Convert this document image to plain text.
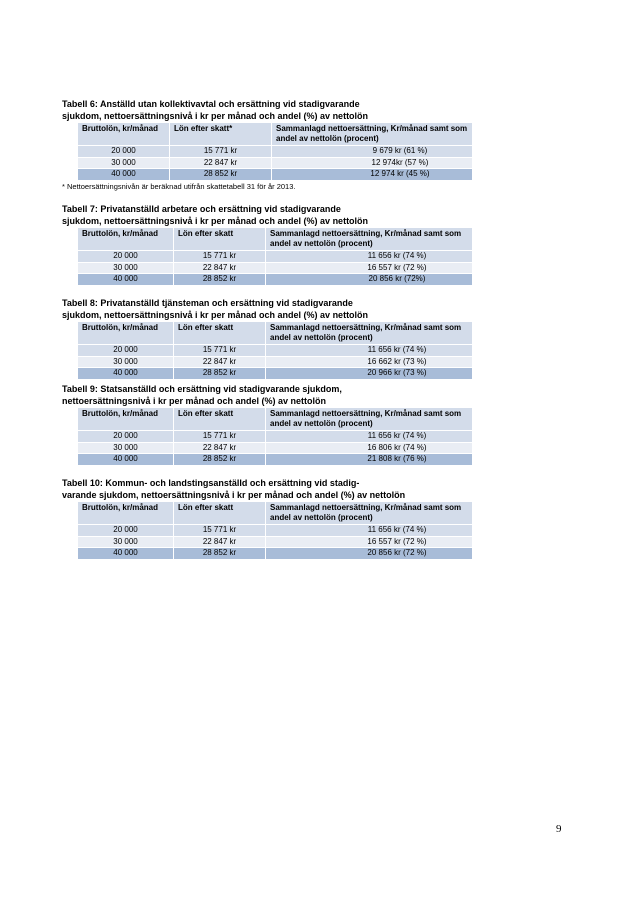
Tabell 6: Anställd utan kollektivavtal och ersättning vid stadigvarande
sjukdom, nettoersättningsnivå i kr per månad och andel (%) av nettolön
Bruttolön, kr/månad	Lön efter skatt*	Sammanlagd nettoersättning, Kr/månad samt som andel av nettolön (procent)
20 000	15 771 kr	9 679 kr (61 %)
30 000	22 847 kr	12 974kr (57 %)
40 000	28 852 kr	12 974 kr (45 %)
* Nettoersättningsnivån är beräknad utifrån skattetabell 31 för år 2013.
Tabell 7: Privatanställd arbetare och ersättning vid stadigvarande
sjukdom, nettoersättningsnivå i kr per månad och andel (%) av nettolön
Bruttolön, kr/månad	Lön efter skatt	Sammanlagd nettoersättning, Kr/månad samt som andel av nettolön (procent)
20 000	15 771 kr	11 656 kr (74 %)
30 000	22 847 kr	16 557 kr (72 %)
40 000	28 852 kr	20 856 kr (72%)
Tabell 8: Privatanställd tjänsteman och ersättning vid stadigvarande
sjukdom, nettoersättningsnivå i kr per månad och andel (%) av nettolön
Bruttolön, kr/månad	Lön efter skatt	Sammanlagd nettoersättning, Kr/månad samt som andel av nettolön (procent)
20 000	15 771 kr	11 656 kr (74 %)
30 000	22 847 kr	16 662 kr (73 %)
40 000	28 852 kr	20 966 kr (73 %)
Tabell 9: Statsanställd och ersättning vid stadigvarande sjukdom,
nettoersättningsnivå i kr per månad och andel (%) av nettolön
Bruttolön, kr/månad	Lön efter skatt	Sammanlagd nettoersättning, Kr/månad samt som andel av nettolön (procent)
20 000	15 771 kr	11 656 kr (74 %)
30 000	22 847 kr	16 806 kr (74 %)
40 000	28 852 kr	21 808 kr (76 %)
Tabell 10: Kommun- och landstingsanställd och ersättning vid stadig-
varande sjukdom, nettoersättningsnivå i kr per månad och andel (%) av nettolön
Bruttolön, kr/månad	Lön efter skatt	Sammanlagd nettoersättning, Kr/månad samt som andel av nettolön (procent)
20 000	15 771 kr	11 656 kr (74 %)
30 000	22 847 kr	16 557 kr (72 %)
40 000	28 852 kr	20 856 kr (72 %)
9
